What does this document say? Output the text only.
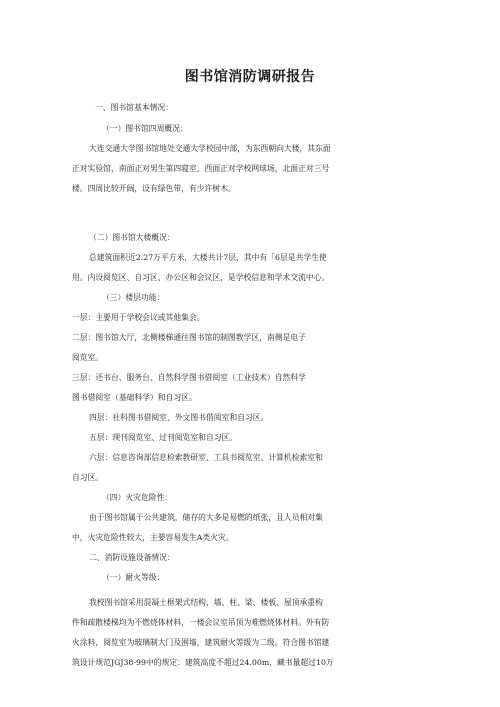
图书馆消防调研报告
一、图书馆基本情况：
（一）图书馆四周概况：
大连交通大学图书馆地处交通大学校园中部，为东西朝向大楼，其东面
正对实验馆，南面正对男生第四寝室，西面正对学校网球场，北面正对三号
楼。四周比较开阔，设有绿色带，有少许树木。
（二）图书馆大楼概况：
总建筑面积近2.27万平方米，大楼共计7层，其中有「6层是共学生使
用。内设阅览区、自习区、办公区和会议区，是学校信息和学术交流中心。
（三）楼层功能：
一层：主要用于学校会议或其他集会。
二层：图书馆大厅，北侧楼梯通往图书馆的制图教学区，南侧是电子
阅览室。
三层：还书台、服务台、自然科学图书借阅室（工业技术）自然科学
图书借阅室（基础科学）和自习区。
四层：社科图书借阅室、外文图书借阅室和自习区。
五层：现刊阅览室、过刊阅览室和自习区。
六层：信息咨询部信息检索教研室、工具书阅览室、计算机检索室和
自习区。
（四）火灾危险性：
由于图书馆属于公共建筑，储存的大多是易燃的纸张，且人员相对集
中，火灾危险性较大，主要容易发生A类火灾。
二、消防设施设备情况：
（一）耐火等级：
我校图书馆采用混凝土框架式结构，墙、柱、梁、楼板、屋顶承重构
件和疏散楼梯均为不燃烧体材料，一楼会议室吊顶为难燃烧体材料。外有防
火涂料，阅览室为玻璃制大门及围墙，建筑耐火等级为二级。符合图书馆建
筑设计规范JGJ38-99中的规定：建筑高度不超过24.00m，藏书量超过10万
